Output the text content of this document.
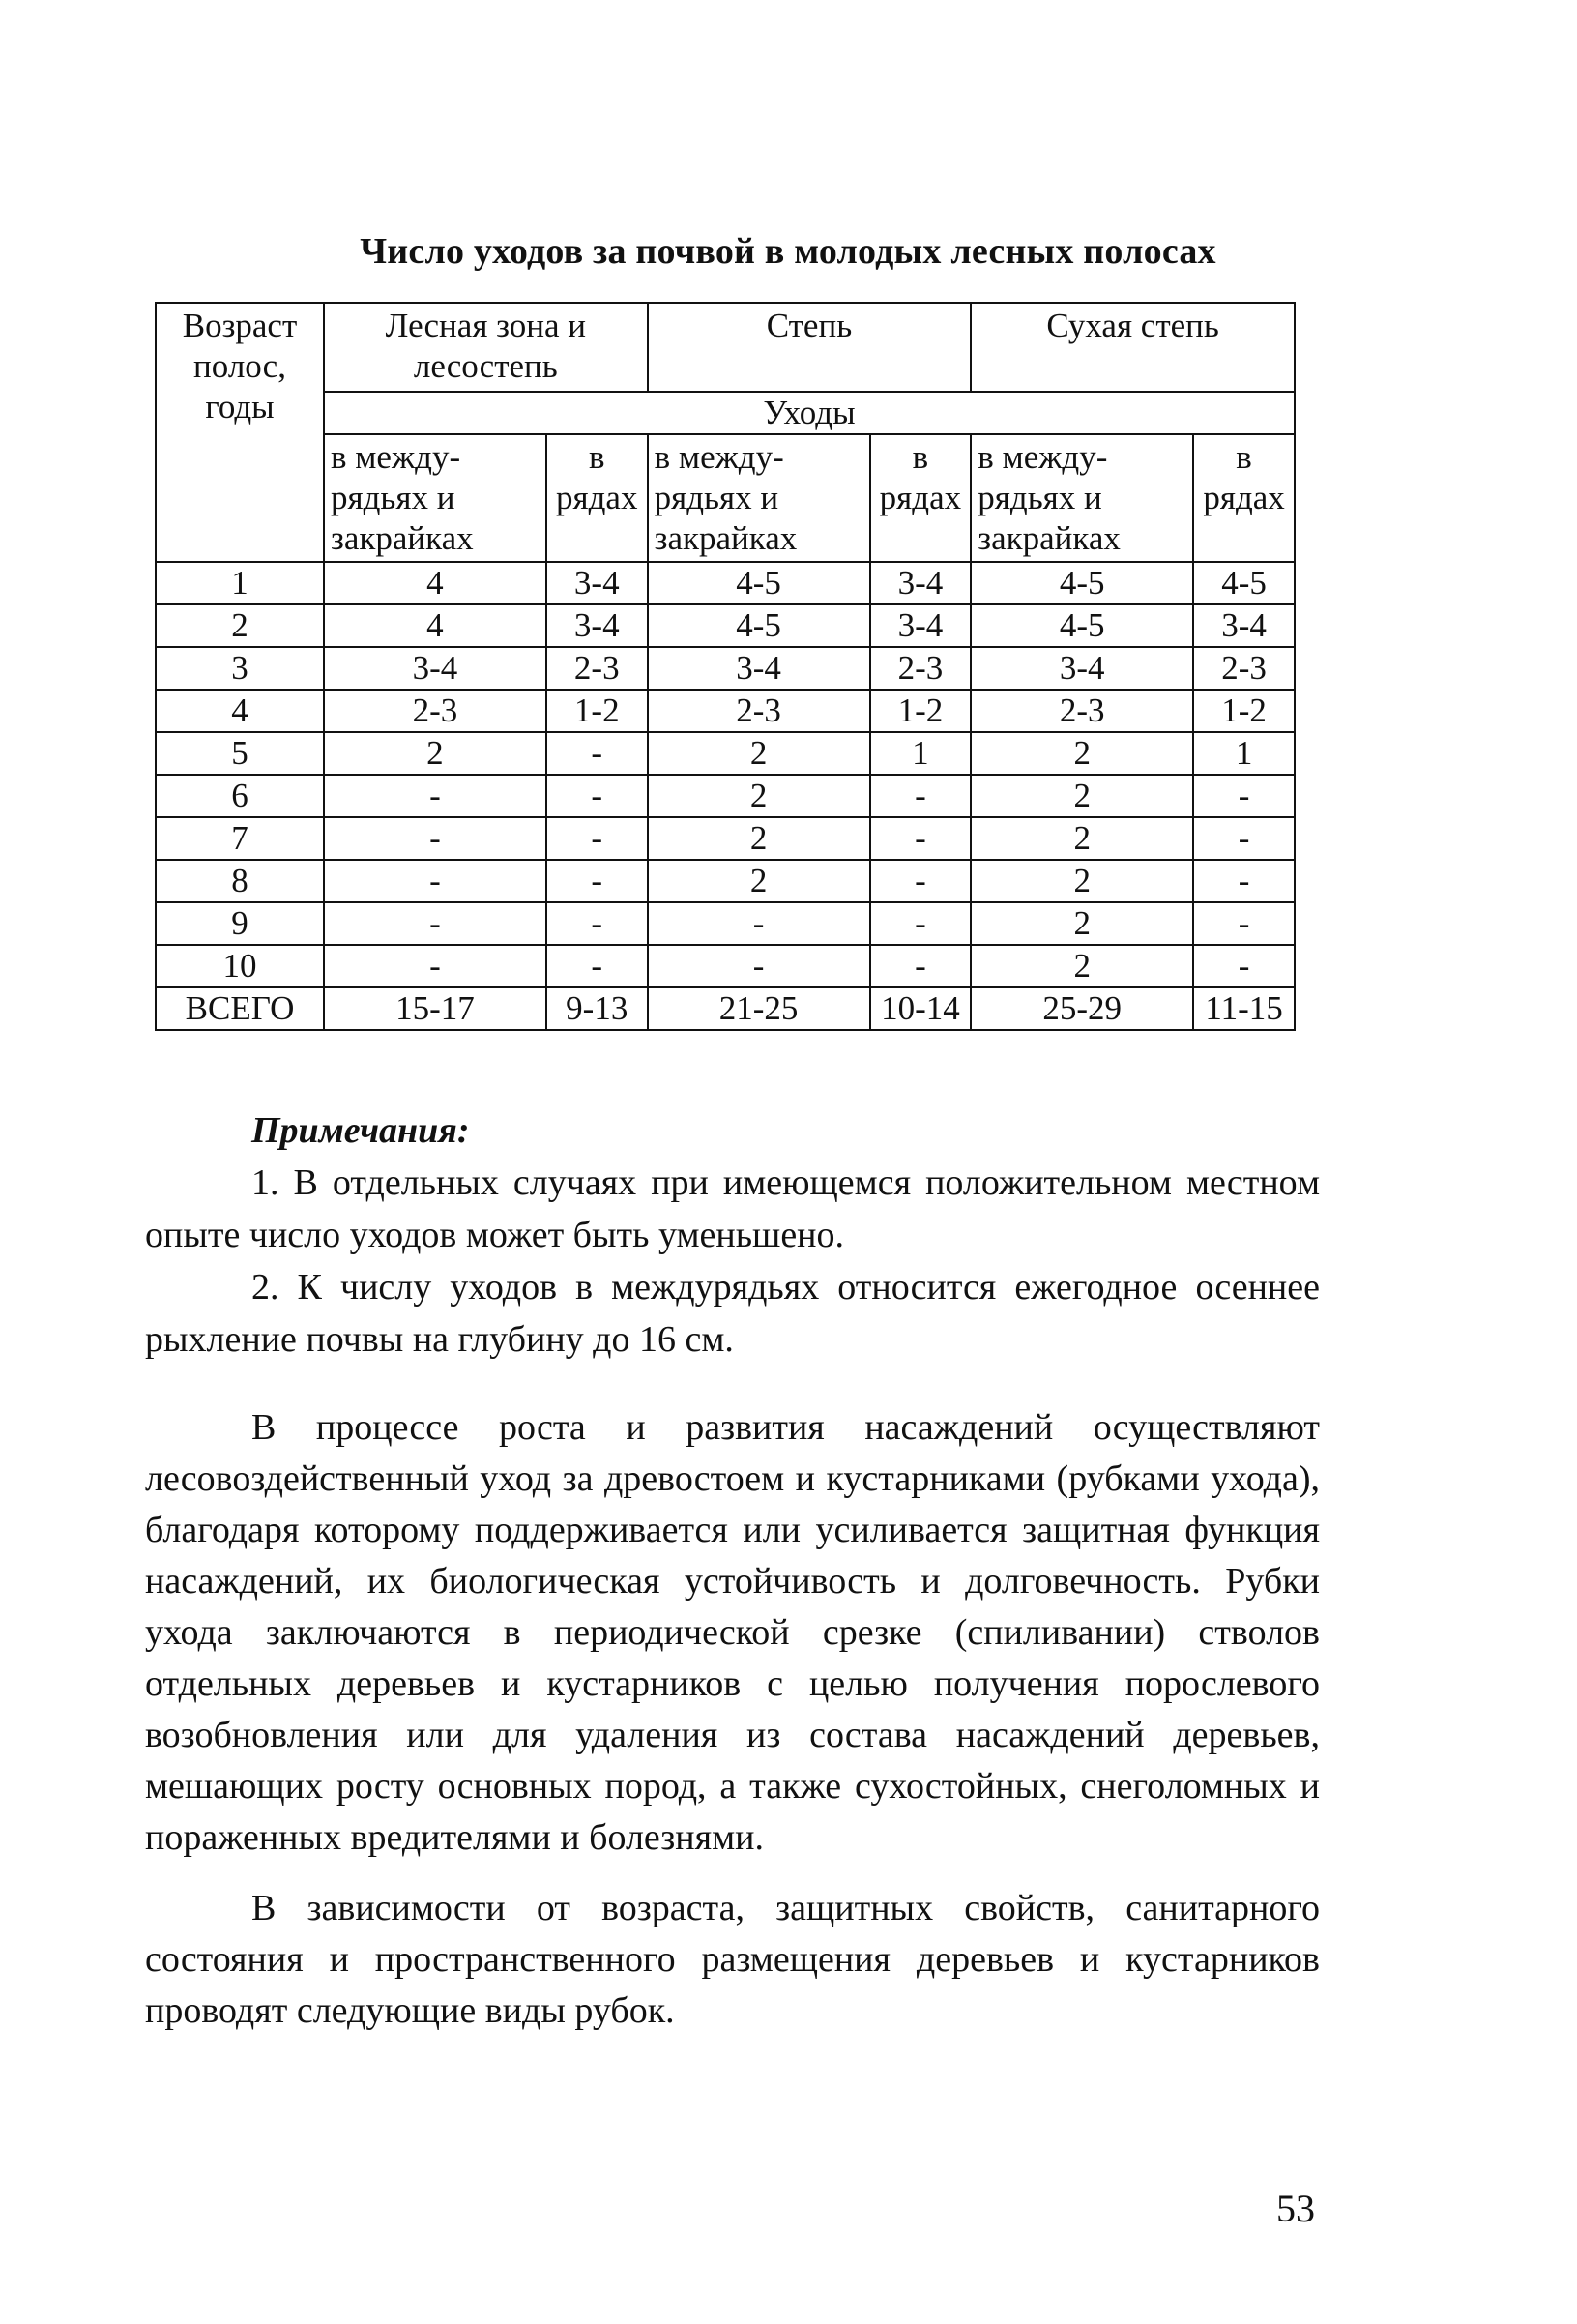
Число уходов за почвой в молодых лесных полосах
Возраст полос, годы	Лесная зона и лесостепь		Степь		Сухая степь	
	Уходы					
	в между-рядьях и закрайках	в рядах	в между-рядьях и закрайках	в рядах	в между-рядьях и закрайках	в рядах
1	4	3-4	4-5	3-4	4-5	4-5
2	4	3-4	4-5	3-4	4-5	3-4
3	3-4	2-3	3-4	2-3	3-4	2-3
4	2-3	1-2	2-3	1-2	2-3	1-2
5	2	-	2	1	2	1
6	-	-	2	-	2	-
7	-	-	2	-	2	-
8	-	-	2	-	2	-
9	-	-	-	-	2	-
10	-	-	-	-	2	-
ВСЕГО	15-17	9-13	21-25	10-14	25-29	11-15
Примечания:

1. В отдельных случаях при имеющемся положительном местном опыте число уходов может быть уменьшено.

2. К числу уходов в междурядьях относится ежегодное осеннее рыхление почвы на глубину до 16 см.

В процессе роста и развития насаждений осуществляют лесовоздейственный уход за древостоем и кустарниками (рубками ухода), благодаря которому поддерживается или усиливается защитная функция насаждений, их биологическая устойчивость и долговечность. Рубки ухода заключаются в периодической срезке (спиливании) стволов отдельных деревьев и кустарников с целью получения порослевого возобновления или для удаления из состава насаждений деревьев, мешающих росту основных пород, а также сухостойных, снеголомных и пораженных вредителями и болезнями.

В зависимости от возраста, защитных свойств, санитарного состояния и пространственного размещения деревьев и кустарников проводят следующие виды рубок.

53
